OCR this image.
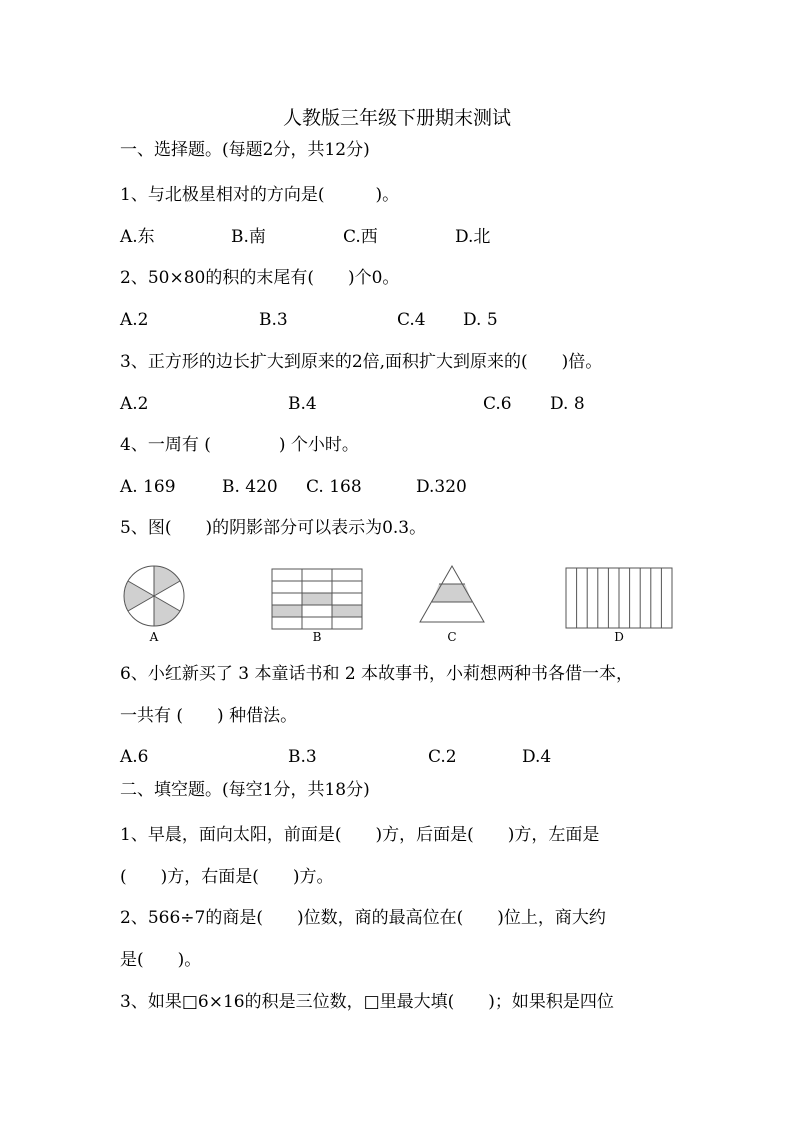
人教版三年级下册期末测试
一、选择题。(每题2分，共12分)
1、与北极星相对的方向是(　　　)。
A.东	B.南	C.西	D.北
2、50×80的积的末尾有(　　)个0。
A.2	B.3	C.4 D. 5
3、正方形的边长扩大到原来的2倍,面积扩大到原来的(　　)倍。
A.2	B.4	C.6 D. 8
4、一周有 (　　　　) 个小时。
A. 169	B. 420 C. 168	D.320
5、图(　　)的阴影部分可以表示为0.3。
A	B	C	D
6、小红新买了 3 本童话书和 2 本故事书，小莉想两种书各借一本，
一共有 (　　) 种借法。
A.6	B.3	C.2	D.4
二、填空题。(每空1分，共18分)
1、早晨，面向太阳，前面是(　　)方，后面是(　　)方，左面是
(　　)方，右面是(　　)方。
2、566÷7的商是(　　)位数，商的最高位在(　　)位上，商大约
是(　　)。
3、如果□6×16的积是三位数，□里最大填(　　)；如果积是四位
